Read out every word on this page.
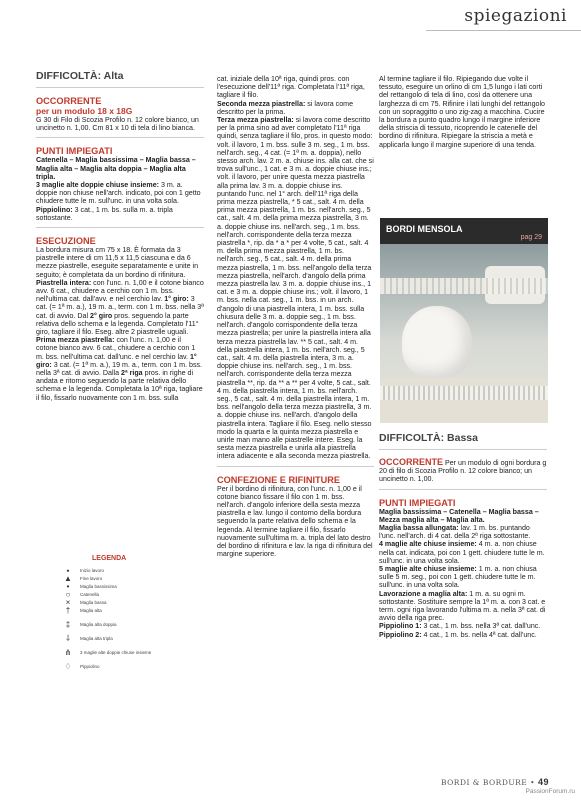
spiegazioni
DIFFICOLTÀ: Alta
OCCORRENTE
per un modulo 18 x 18G

G 30 di Filo di Scozia Profilo n. 12 colore bianco, un uncinetto n. 1,00. Cm 81 x 10 di tela di lino bianca.

PUNTI IMPIEGATI

Catenella – Maglia bassissima – Maglia bassa – Maglia alta – Maglia alta doppia – Maglia alta tripla.

3 maglie alte doppie chiuse insieme: 3 m. a. doppie non chiuse nell'arch. indicato, poi con 1 getto chiudere tutte le m. sull'unc. in una volta sola.

Pippiolino: 3 cat., 1 m. bs. sulla m. a. tripla sottostante.

ESECUZIONE

La bordura misura cm 75 x 18. È formata da 3 piastrelle intere di cm 11,5 x 11,5 ciascuna e da 6 mezze piastrelle, eseguite separatamente e unite in seguito; è completata da un bordino di rifinitura.

Piastrella intera: con l'unc. n. 1,00 e il cotone bianco avv. 6 cat., chiudere a cerchio con 1 m. bss. nell'ultima cat. dall'avv. e nel cerchio lav. 1° giro: 3 cat. (= 1ª m. a.), 19 m. a., term. con 1 m. bss. nella 3ª cat. di avvio. Dal 2° giro pros. seguendo la parte relativa dello schema e la legenda. Completato l'11° giro, tagliare il filo. Eseg. altre 2 piastrelle uguali.

Prima mezza piastrella: con l'unc. n. 1,00 e il cotone bianco avv. 6 cat., chiudere a cerchio con 1 m. bss. nell'ultima cat. dall'unc. e nel cerchio lav. 1° giro: 3 cat. (= 1ª m. a.), 19 m. a., term. con 1 m. bss. nella 3ª cat. di avvio. Dalla 2ª riga pros. in righe di andata e ritorno seguendo la parte relativa dello schema e la legenda. Completata la 10ª riga, tagliare il filo, fissarlo nuovamente con 1 m. bss. sulla

LEGENDA
⬩	Inizio lavoro
▲	Fine lavoro
•	Maglia bassissima
○	Catenella
×	Maglia bassa
†	Maglia alta
‡	Maglia alta doppia
⸸	Maglia alta tripla
⋔	3 maglie alte doppie chiuse insieme
♢	Pippiolino

cat. iniziale della 10ª riga, quindi pros. con l'esecuzione dell'11ª riga. Completata l'11ª riga, tagliare il filo.

Seconda mezza piastrella: si lavora come descritto per la prima.

Terza mezza piastrella: si lavora come descritto per la prima sino ad aver completato l'11ª riga quindi, senza tagliare il filo, pros. in questo modo: volt. il lavoro, 1 m. bss. sulle 3 m. seg., 1 m. bss. nell'arch. seg., 4 cat. (= 1ª m. a. doppia), nello stesso arch. lav. 2 m. a. chiuse ins. alla cat. che si trova sull'unc., 1 cat. e 3 m. a. doppie chiuse ins.; volt. il lavoro, per unire questa mezza piastrella alla prima lav. 3 m. a. doppie chiuse ins. puntando l'unc. nel 1° arch. dell'11ª riga della prima mezza piastrella, * 5 cat., salt. 4 m. della prima mezza piastrella, 1 m. bs. nell'arch. seg., 5 cat., salt. 4 m. della prima mezza piastrella, 3 m. a. doppie chiuse ins. nell'arch. seg., 1 m. bss. nell'arch. corrispondente della terza mezza piastrella *, rip. da * a * per 4 volte, 5 cat., salt. 4 m. della prima mezza piastrella, 1 m. bs. nell'arch. seg., 5 cat., salt. 4 m. della prima mezza piastrella, 1 m. bss. nell'angolo della terza mezza piastrella, nell'arch. d'angolo della prima mezza piastrella lav. 3 m. a. doppie chiuse ins., 1 cat. e 3 m. a. doppie chiuse ins.; volt. il lavoro, 1 m. bss. nella cat. seg., 1 m. bss. in un arch. d'angolo di una piastrella intera, 1 m. bss. sulla chiusura delle 3 m. a. doppie seg., 1 m. bss. nell'arch. d'angolo corrispondente della terza mezza piastrella; per unire la piastrella intera alla terza mezza piastrella lav. ** 5 cat., salt. 4 m. della piastrella intera, 1 m. bs. nell'arch. seg., 5 cat., salt. 4 m. della piastrella intera, 3 m. a. doppie chiuse ins. nell'arch. seg., 1 m. bss. nell'arch. corrispondente della terza mezza piastrella **, rip. da ** a ** per 4 volte, 5 cat., salt. 4 m. della piastrella intera, 1 m. bs. nell'arch. seg., 5 cat., salt. 4 m. della piastrella intera, 1 m. bss. nell'angolo della terza mezza piastrella, 3 m. a. doppie chiuse ins. nell'arch. d'angolo della piastrella intera. Tagliare il filo. Eseg. nello stesso modo la quarta e la quinta mezza piastrella e unirle man mano alle piastrelle intere. Eseg. la sesta mezza piastrella e unirla alla piastrella intera adiacente e alla seconda mezza piastrella.

CONFEZIONE E RIFINITURE

Per il bordino di rifinitura, con l'unc. n. 1,00 e il cotone bianco fissare il filo con 1 m. bss. nell'arch. d'angolo inferiore della sesta mezza piastrella e lav. lungo il contorno della bordura seguendo la parte relativa dello schema e la legenda. Al termine tagliare il filo, fissarlo nuovamente sull'ultima m. a. tripla del lato destro del bordino di rifinitura e lav. la riga di rifinitura del margine superiore.

Al termine tagliare il filo. Ripiegando due volte il tessuto, eseguire un orlino di cm 1,5 lungo i lati corti del rettangolo di tela di lino, così da ottenere una larghezza di cm 75. Rifinire i lati lunghi del rettangolo con un sopraggitto o uno zig-zag a macchina. Cucire la bordura a punto quadro lungo il margine inferiore della striscia di tessuto, ricoprendo le catenelle del bordino di rifinitura. Ripiegare la striscia a metà e applicarla lungo il margine superiore di una tenda.

BORDI MENSOLA
pag 29
DIFFICOLTÀ: Bassa

OCCORRENTE Per un modulo di ogni bordura g 20 di filo di Scozia Profilo n. 12 colore bianco; un uncinetto n. 1,00.

PUNTI IMPIEGATI

Maglia bassissima – Catenella – Maglia bassa – Mezza maglia alta – Maglia alta.

Maglia bassa allungata: lav. 1 m. bs. puntando l'unc. nell'arch. di 4 cat. della 2ª riga sottostante.

4 maglie alte chiuse insieme: 4 m. a. non chiuse nella cat. indicata, poi con 1 gett. chiudere tutte le m. sull'unc. in una volta sola.

5 maglie alte chiuse insieme: 1 m. a. non chiusa sulle 5 m. seg., poi con 1 gett. chiudere tutte le m. sull'unc. in una volta sola.

Lavorazione a maglia alta: 1 m. a. su ogni m. sottostante. Sostituire sempre la 1ª m. a. con 3 cat. e term. ogni riga lavorando l'ultima m. a. nella 3ª cat. di avvio della riga prec.

Pippiolino 1: 3 cat., 1 m. bss. nella 3ª cat. dall'unc.

Pippiolino 2: 4 cat., 1 m. bs. nella 4ª cat. dall'unc.

BORDI & BORDURE • 49
PassionForum.ru
